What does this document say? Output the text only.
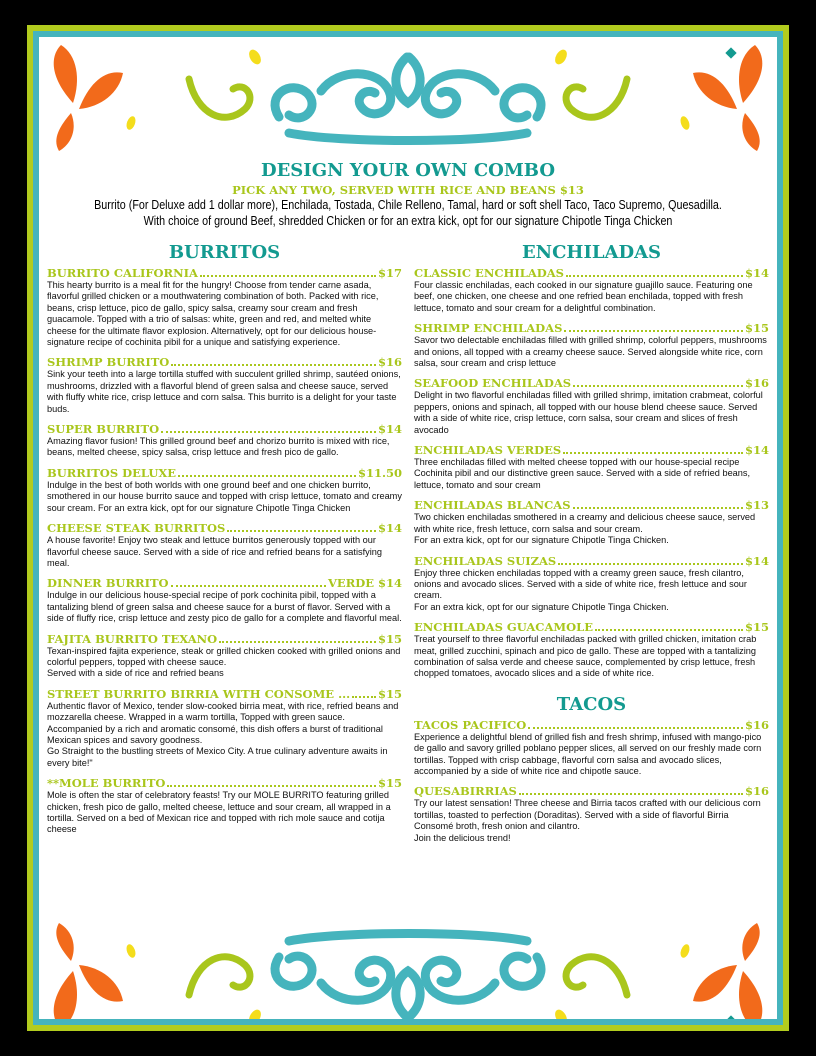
DESIGN YOUR OWN COMBO
PICK ANY TWO, SERVED WITH RICE AND BEANS $13
Burrito (For Deluxe add 1 dollar more), Enchilada, Tostada, Chile Relleno, Tamal, hard or soft shell Taco, Taco Supremo, Quesadilla.
With choice of ground Beef, shredded Chicken or for an extra kick, opt for our signature Chipotle Tinga Chicken
BURRITOS
BURRITO CALIFORNIA	$17

This hearty burrito is a meal fit for the hungry! Choose from tender carne asada, flavorful grilled chicken or a mouthwatering combination of both. Packed with rice, beans, crisp lettuce, pico de gallo, spicy salsa, creamy sour cream and fresh guacamole. Topped with a trio of salsas: white, green and red, and melted white cheese for the ultimate flavor explosion. Alternatively, opt for our delicious house-signature recipe of cochinita pibil for a unique and satisfying experience.

SHRIMP BURRITO	$16

Sink your teeth into a large tortilla stuffed with succulent grilled shrimp, sautéed onions, mushrooms, drizzled with a flavorful blend of green salsa and cheese sauce, served with fluffy white rice, crisp lettuce and corn salsa. This burrito is a delight for your taste buds.

SUPER BURRITO	$14

Amazing flavor fusion! This grilled ground beef and chorizo burrito is mixed with rice, beans, melted cheese, spicy salsa, crisp lettuce and fresh pico de gallo.

BURRITOS DELUXE	$11.50

Indulge in the best of both worlds with one ground beef and one chicken burrito, smothered in our house burrito sauce and topped with crisp lettuce, tomato and creamy sour cream. For an extra kick, opt for our signature Chipotle Tinga Chicken

CHEESE STEAK BURRITOS	$14

A house favorite! Enjoy two steak and lettuce burritos generously topped with our flavorful cheese sauce. Served with a side of rice and refried beans for a satisfying meal.

DINNER BURRITO	VERDE $14

Indulge in our delicious house-special recipe of pork cochinita pibil, topped with a tantalizing blend of green salsa and cheese sauce for a burst of flavor. Served with a side of fluffy rice, crisp lettuce and zesty pico de gallo for a complete and flavorful meal.

FAJITA BURRITO TEXANO	$15

Texan-inspired fajita experience, steak or grilled chicken cooked with grilled onions and colorful peppers, topped with cheese sauce.

Served with a side of rice and refried beans

STREET BURRITO BIRRIA WITH CONSOME ... $15

Authentic flavor of Mexico, tender slow-cooked birria meat, with rice, refried beans and mozzarella cheese. Wrapped in a warm tortilla, Topped with green sauce. Accompanied by a rich and aromatic consomé, this dish offers a burst of traditional Mexican spices and savory goodness.

Go Straight to the bustling streets of Mexico City. A true culinary adventure awaits in every bite!"

**MOLE BURRITO	$15

Mole is often the star of celebratory feasts! Try our MOLE BURRITO featuring grilled chicken, fresh pico de gallo, melted cheese, lettuce and sour cream, all wrapped in a tortilla. Served on a bed of Mexican rice and topped with rich mole sauce and cotija cheese

ENCHILADAS
CLASSIC ENCHILADAS	$14

Four classic enchiladas, each cooked in our signature guajillo sauce. Featuring one beef, one chicken, one cheese and one refried bean enchilada, topped with fresh lettuce, tomato and sour cream for a delightful combination.

SHRIMP ENCHILADAS	$15

Savor two delectable enchiladas filled with grilled shrimp, colorful peppers, mushrooms and onions, all topped with a creamy cheese sauce. Served alongside white rice, corn salsa, sour cream and crisp lettuce

SEAFOOD ENCHILADAS	$16

Delight in two flavorful enchiladas filled with grilled shrimp, imitation crabmeat, colorful peppers, onions and spinach, all topped with our house blend cheese sauce. Served with a side of white rice, crisp lettuce, corn salsa, sour cream and slices of fresh avocado

ENCHILADAS VERDES	$14

Three enchiladas filled with melted cheese topped with our house-special recipe Cochinita pibil and our distinctive green sauce. Served with a side of refried beans, lettuce, tomato and sour cream

ENCHILADAS BLANCAS	$13

Two chicken enchiladas smothered in a creamy and delicious cheese sauce, served with white rice, fresh lettuce, corn salsa and sour cream.

For an extra kick, opt for our signature Chipotle Tinga Chicken.

ENCHILADAS SUIZAS	$14

Enjoy three chicken enchiladas topped with a creamy green sauce, fresh cilantro, onions and avocado slices. Served with a side of white rice, fresh lettuce and sour cream.

For an extra kick, opt for our signature Chipotle Tinga Chicken.

ENCHILADAS GUACAMOLE	$15

Treat yourself to three flavorful enchiladas packed with grilled chicken, imitation crab meat, grilled zucchini, spinach and pico de gallo. These are topped with a tantalizing combination of salsa verde and cheese sauce, complemented by crisp lettuce, fresh chopped tomatoes, avocado slices and a side of white rice.

TACOS
TACOS PACIFICO	$16

Experience a delightful blend of grilled fish and fresh shrimp, infused with mango-pico de gallo and savory grilled poblano pepper slices, all served on our freshly made corn tortillas. Topped with crisp cabbage, flavorful corn salsa and avocado slices, accompanied by a side of white rice and chipotle sauce.

QUESABIRRIAS	$16

Try our latest sensation! Three cheese and Birria tacos crafted with our delicious corn tortillas, toasted to perfection (Doraditas). Served with a side of flavorful Birria Consomé broth, fresh onion and cilantro.

Join the delicious trend!
